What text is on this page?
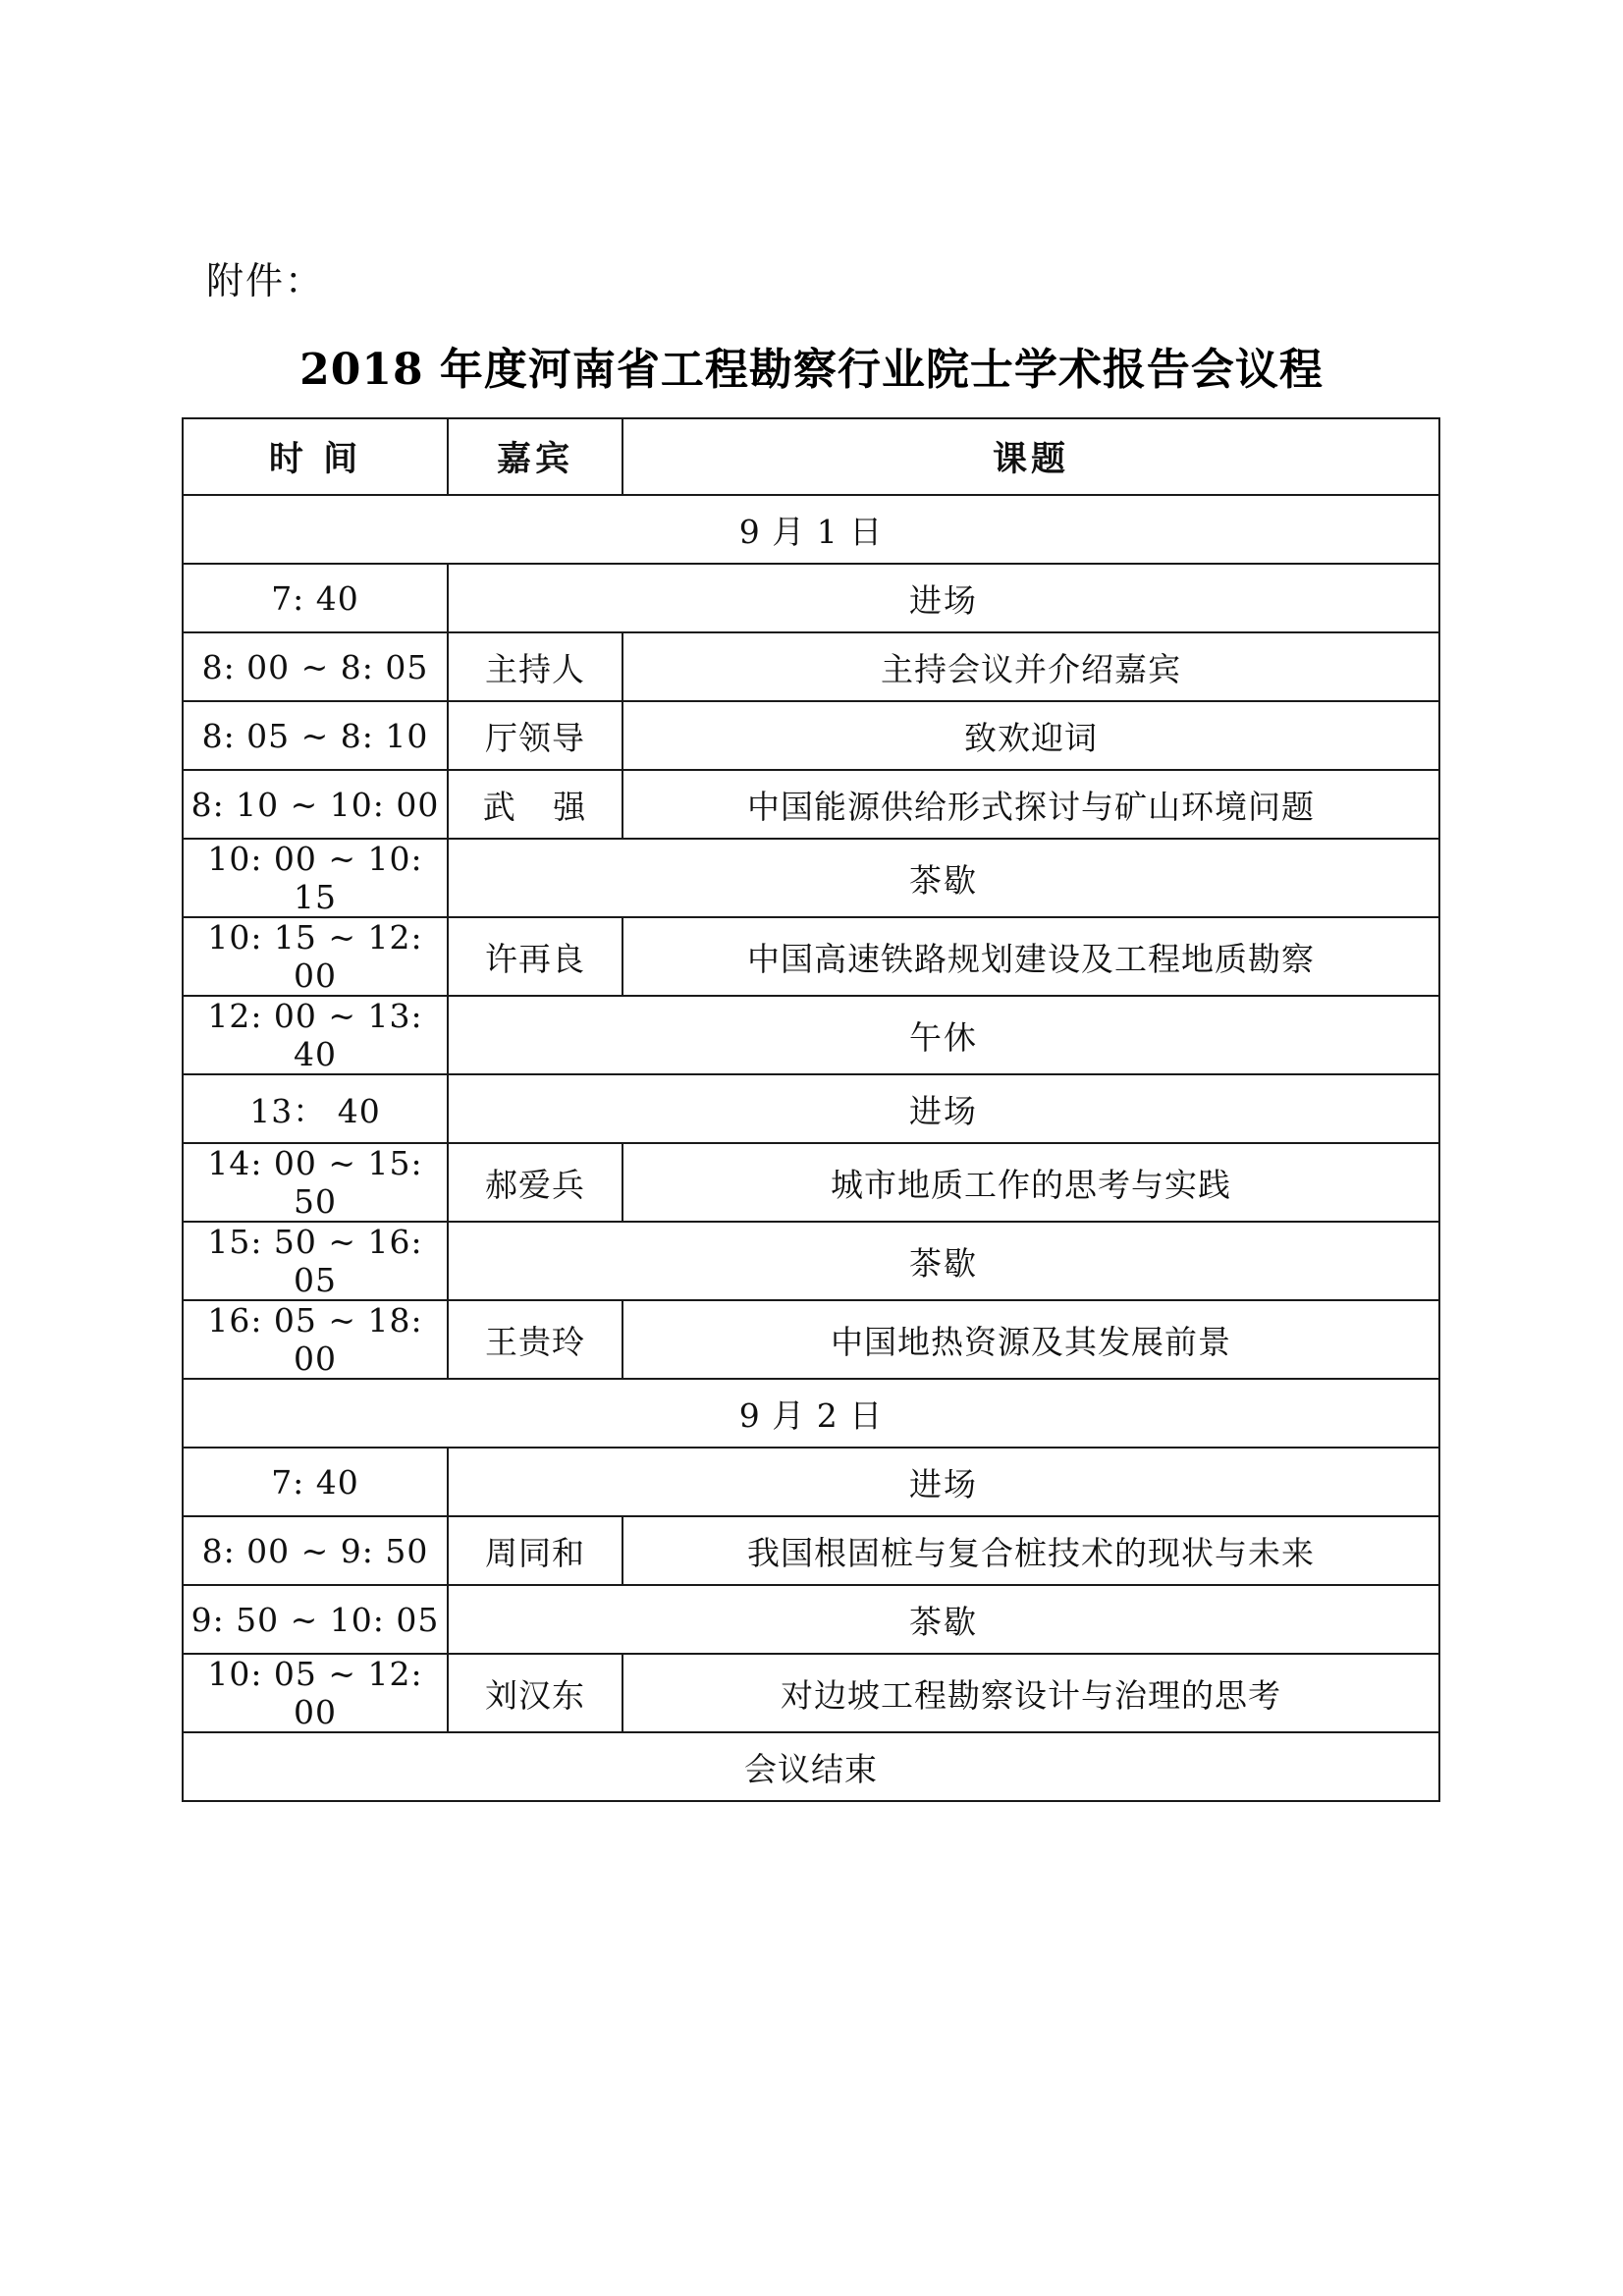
附件：
2018 年度河南省工程勘察行业院士学术报告会议程
时 间	嘉宾	课题
9 月 1 日		
7: 40	进场	
8: 00 ~ 8: 05	主持人	主持会议并介绍嘉宾
8: 05 ~ 8: 10	厅领导	致欢迎词
8: 10 ~ 10: 00	武 强	中国能源供给形式探讨与矿山环境问题
10: 00 ~ 10: 15	茶歇	
10: 15 ~ 12: 00	许再良	中国高速铁路规划建设及工程地质勘察
12: 00 ~ 13: 40	午休	
13： 40	进场	
14: 00 ~ 15: 50	郝爱兵	城市地质工作的思考与实践
15: 50 ~ 16: 05	茶歇	
16: 05 ~ 18: 00	王贵玲	中国地热资源及其发展前景
9 月 2 日		
7: 40	进场	
8: 00 ~ 9: 50	周同和	我国根固桩与复合桩技术的现状与未来
9: 50 ~ 10: 05	茶歇	
10: 05 ~ 12: 00	刘汉东	对边坡工程勘察设计与治理的思考
会议结束		
